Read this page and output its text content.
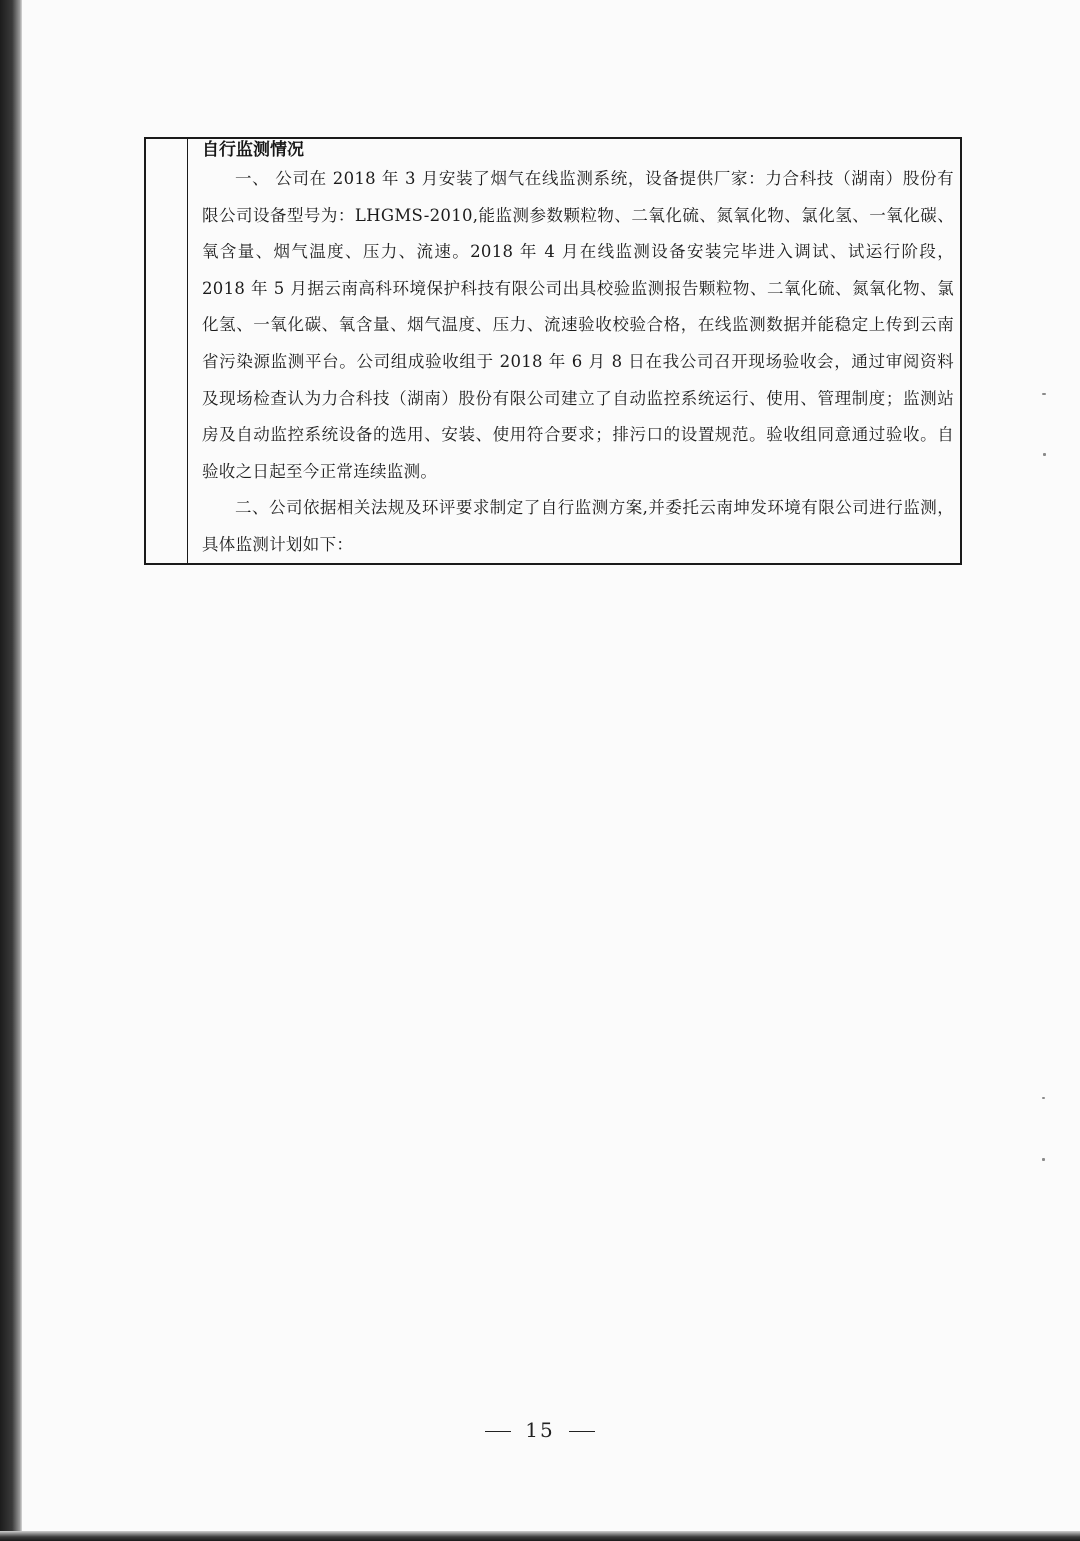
自行监测情况

一、 公司在 2018 年 3 月安装了烟气在线监测系统，设备提供厂家：力合科技（湖南）股份有限公司设备型号为：LHGMS-2010,能监测参数颗粒物、二氧化硫、氮氧化物、氯化氢、一氧化碳、氧含量、烟气温度、压力、流速。2018 年 4 月在线监测设备安装完毕进入调试、试运行阶段，2018 年 5 月据云南高科环境保护科技有限公司出具校验监测报告颗粒物、二氧化硫、氮氧化物、氯化氢、一氧化碳、氧含量、烟气温度、压力、流速验收校验合格，在线监测数据并能稳定上传到云南省污染源监测平台。公司组成验收组于 2018 年 6 月 8 日在我公司召开现场验收会，通过审阅资料及现场检查认为力合科技（湖南）股份有限公司建立了自动监控系统运行、使用、管理制度；监测站房及自动监控系统设备的选用、安装、使用符合要求；排污口的设置规范。验收组同意通过验收。自验收之日起至今正常连续监测。

二、公司依据相关法规及环评要求制定了自行监测方案,并委托云南坤发环境有限公司进行监测，具体监测计划如下：

15
